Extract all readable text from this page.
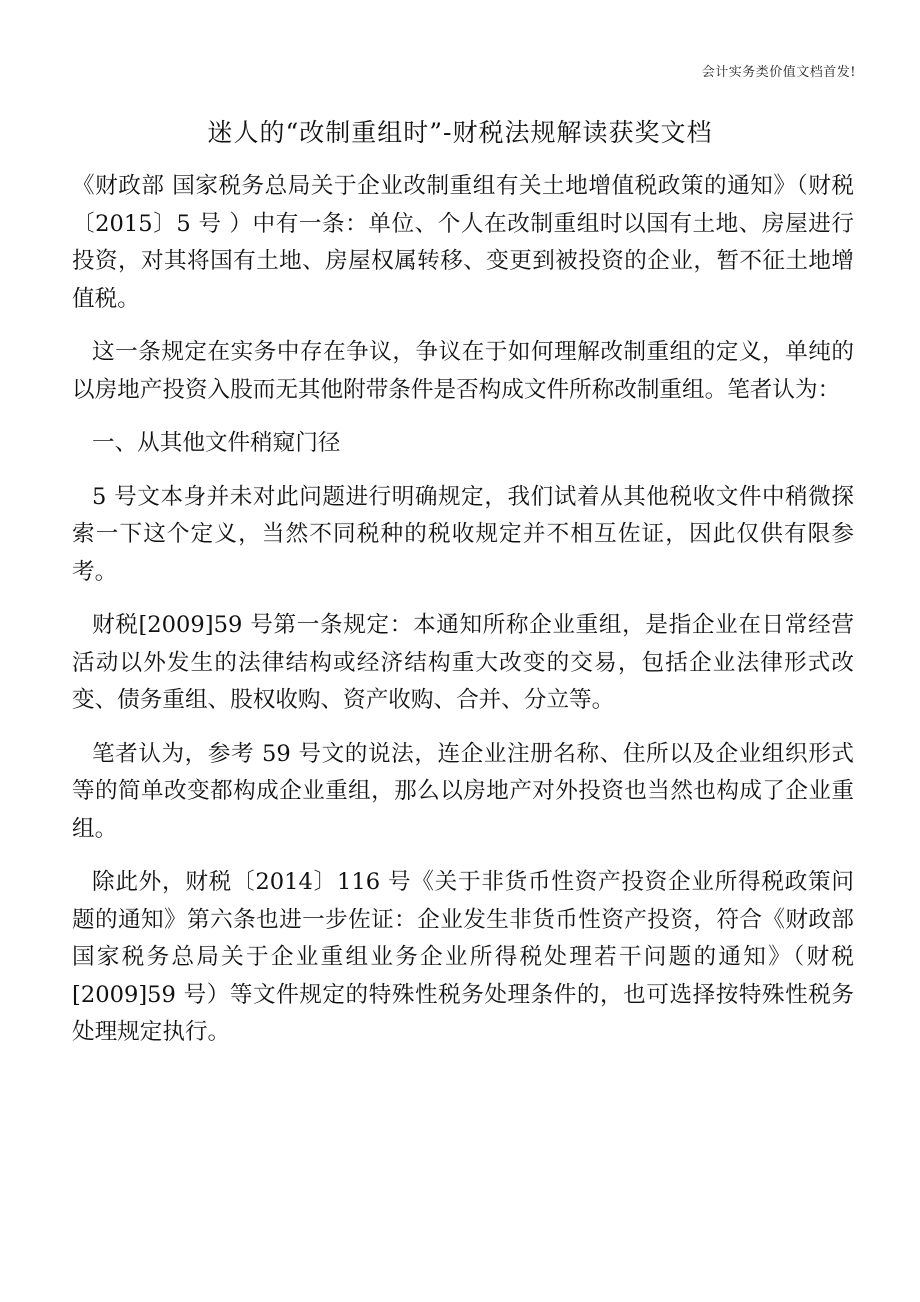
会计实务类价值文档首发!
迷人的“改制重组时”-财税法规解读获奖文档

《财政部 国家税务总局关于企业改制重组有关土地增值税政策的通知》（财税〔2015〕5 号 ）中有一条：单位、个人在改制重组时以国有土地、房屋进行投资，对其将国有土地、房屋权属转移、变更到被投资的企业，暂不征土地增值税。

这一条规定在实务中存在争议，争议在于如何理解改制重组的定义，单纯的以房地产投资入股而无其他附带条件是否构成文件所称改制重组。笔者认为：

一、从其他文件稍窥门径

5 号文本身并未对此问题进行明确规定，我们试着从其他税收文件中稍微探索一下这个定义，当然不同税种的税收规定并不相互佐证，因此仅供有限参考。

财税[2009]59 号第一条规定：本通知所称企业重组，是指企业在日常经营活动以外发生的法律结构或经济结构重大改变的交易，包括企业法律形式改变、债务重组、股权收购、资产收购、合并、分立等。

笔者认为，参考 59 号文的说法，连企业注册名称、住所以及企业组织形式等的简单改变都构成企业重组，那么以房地产对外投资也当然也构成了企业重组。

除此外，财税〔2014〕116 号《关于非货币性资产投资企业所得税政策问题的通知》第六条也进一步佐证：企业发生非货币性资产投资，符合《财政部国家税务总局关于企业重组业务企业所得税处理若干问题的通知》（财税[2009]59 号）等文件规定的特殊性税务处理条件的，也可选择按特殊性税务处理规定执行。
